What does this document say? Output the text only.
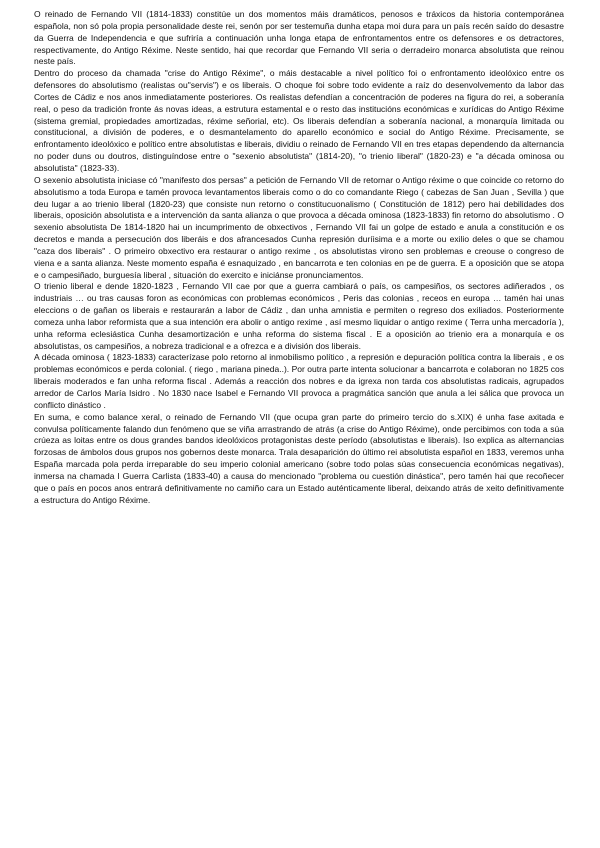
O reinado de Fernando VII (1814-1833) constitúe un dos momentos máis dramáticos, penosos e tráxicos da historia contemporánea española, non só pola propia personalidade deste rei, senón por ser testemuña dunha etapa moi dura para un país recén saído do desastre da Guerra de Independencia e que sufriría a continuación unha longa etapa de enfrontamentos entre os defensores e os detractores, respectivamente, do Antigo Réxime. Neste sentido, hai que recordar que Fernando VII seria o derradeiro monarca absolutista que reinou neste país.

Dentro do proceso da chamada "crise do Antigo Réxime", o máis destacable a nivel político foi o enfrontamento ideolóxico entre os defensores do absolutismo (realistas ou"servis") e os liberais. O choque foi sobre todo evidente a raíz do desenvolvemento da labor das Cortes de Cádiz e nos anos inmediatamente posteriores. Os realistas defendían a concentración de poderes na figura do rei, a soberanía real, o peso da tradición fronte ás novas ideas, a estrutura estamental e o resto das institucións económicas e xurídicas do Antigo Réxime (sistema gremial, propiedades amortizadas, réxime señorial, etc). Os liberais defendían a soberanía nacional, a monarquía limitada ou constitucional, a división de poderes, e o desmantelamento do aparello económico e social do Antigo Réxime. Precisamente, se enfrontamento ideolóxico e político entre absolutistas e liberais, dividiu o reinado de Fernando VII en tres etapas dependendo da alternancia no poder duns ou doutros, distinguíndose entre o "sexenio absolutista" (1814-20), "o trienio liberal" (1820-23) e "a década ominosa ou absolutista" (1823-33).

O sexenio absolutista iniciase có "manifesto dos persas" a petición de Fernando VII de retornar o Antigo réxime o que coincide co retorno do absolutismo a toda Europa e tamén provoca levantamentos liberais como o do co comandante Riego ( cabezas de San Juan , Sevilla ) que deu lugar a ao trienio liberal (1820-23) que consiste nun retorno o constitucuonalismo ( Constitución de 1812) pero hai debilidades dos liberais, oposición absolutista e a intervención da santa alianza o que provoca a década ominosa (1823-1833) fin retorno do absolutismo . O sexenio absolutista De 1814-1820 hai un incumprimento de obxectivos , Fernando VII fai un golpe de estado e anula a constitución e os decretos e manda a persecución dos liberáis e dos afrancesados Cunha represión duríisima e a morte ou exilio deles o que se chamou "caza dos liberais" . O primeiro obxectivo era restaurar o antigo rexime , os absolutistas virono sen problemas e creouse o congreso de viena e a santa alianza. Neste momento españa é esnaquizado , en bancarrota e ten colonias en pe de guerra. E a oposición que se atopa e o campesiñado, burguesía liberal , situación do exercito e iniciánse pronunciamentos.

O trienio liberal e dende 1820-1823 , Fernando VII cae por que a guerra cambiará o país, os campesiños, os sectores adiñerados , os industriais … ou tras causas foron as económicas con problemas económicos , Peris das colonias , receos en europa … tamén hai unas eleccions o de gañan os liberais e restaurarán a labor de Cádiz , dan unha amnistia e permiten o regreso dos exiliados. Posteriormente comeza unha labor reformista que a sua intención era abolir o antigo rexime , así mesmo liquidar o antigo rexime ( Terra unha mercadoría ), unha reforma eclesiástica Cunha desamortización e unha reforma do sistema fiscal . E a oposición ao trienio era a monarquía e os absolutistas, os campesiños, a nobreza tradicional e a ofrezca e a división dos liberais.

A década ominosa ( 1823-1833) caracterízase polo retorno al inmobilismo político , a represión e depuración política contra la liberais , e os problemas económicos e perda colonial. ( riego , mariana pineda..). Por outra parte intenta solucionar a bancarrota e colaboran no 1825 cos liberais moderados e fan unha reforma fiscal . Además a reacción dos nobres e da igrexa non tarda cos absolutistas radicais, agrupados arredor de Carlos María Isidro . No 1830 nace Isabel e Fernando VII provoca a pragmática sanción que anula a lei sálica que provoca un conflicto dinástico .

En suma, e como balance xeral, o reinado de Fernando VII (que ocupa gran parte do primeiro tercio do s.XIX) é unha fase axitada e convulsa políticamente falando dun fenómeno que se viña arrastrando de atrás (a crise do Antigo Réxime), onde percibimos con toda a súa crúeza as loitas entre os dous grandes bandos ideolóxicos protagonistas deste período (absolutistas e liberais). Iso explica as alternancias forzosas de ámbolos dous grupos nos gobernos deste monarca. Trala desaparición do último rei absolutista español en 1833, veremos unha España marcada pola perda irreparable do seu imperio colonial americano (sobre todo polas súas consecuencia económicas negativas), inmersa na chamada I Guerra Carlista (1833-40) a causa do mencionado "problema ou cuestión dinástica", pero tamén hai que recoñecer que o país en pocos anos entrará definitivamente no camiño cara un Estado auténticamente liberal, deixando atrás de xeito definitivamente a estructura do Antigo Réxime.
